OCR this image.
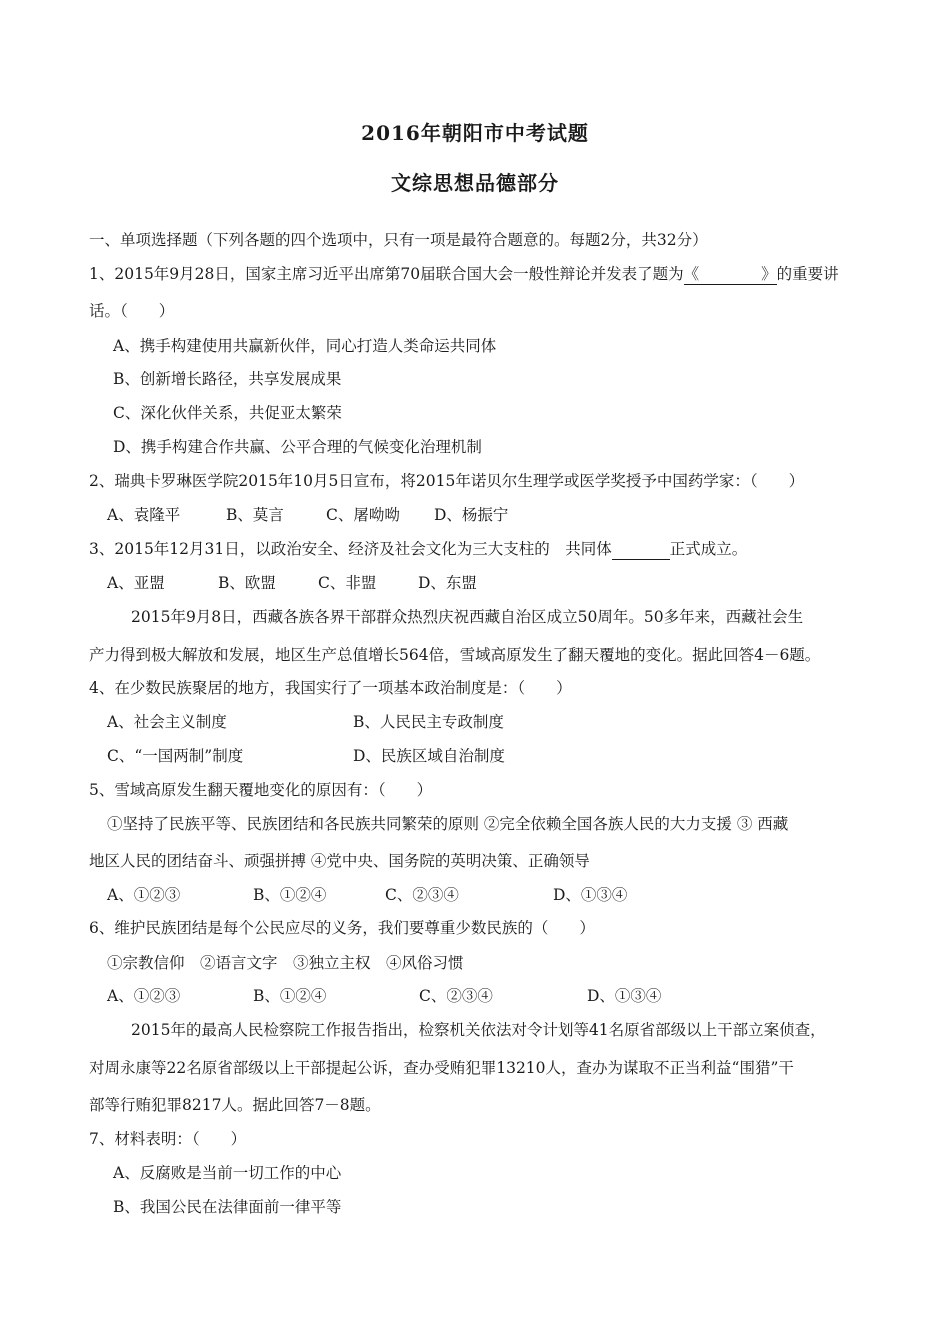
2016年朝阳市中考试题
文综思想品德部分
一、单项选择题（下列各题的四个选项中，只有一项是最符合题意的。每题2分，共32分）
1、2015年9月28日，国家主席习近平出席第70届联合国大会一般性辩论并发表了题为《	》的重要讲
话。（　　）
A、携手构建使用共赢新伙伴，同心打造人类命运共同体
B、创新增长路径，共享发展成果
C、深化伙伴关系，共促亚太繁荣
D、携手构建合作共赢、公平合理的气候变化治理机制
2、瑞典卡罗琳医学院2015年10月5日宣布，将2015年诺贝尔生理学或医学奖授予中国药学家：（　　）
A、袁隆平	B、莫言	C、屠呦呦 D、杨振宁
3、2015年12月31日，以政治安全、经济及社会文化为三大支柱的　共同体	正式成立。
A、亚盟	B、欧盟	C、非盟	D、东盟
2015年9月8日，西藏各族各界干部群众热烈庆祝西藏自治区成立50周年。50多年来，西藏社会生
产力得到极大解放和发展，地区生产总值增长564倍，雪域高原发生了翻天覆地的变化。据此回答4－6题。
4、在少数民族聚居的地方，我国实行了一项基本政治制度是：（　　）
A、社会主义制度	B、人民民主专政制度
C、“一国两制”制度	D、民族区域自治制度
5、雪域高原发生翻天覆地变化的原因有：（　　）
①坚持了民族平等、民族团结和各民族共同繁荣的原则 ②完全依赖全国各族人民的大力支援 ③ 西藏
地区人民的团结奋斗、顽强拼搏 ④党中央、国务院的英明决策、正确领导
A、①②③	B、①②④	C、②③④	D、①③④
6、维护民族团结是每个公民应尽的义务，我们要尊重少数民族的（　　）
①宗教信仰　②语言文字　③独立主权　④风俗习惯
A、①②③	B、①②④	C、②③④	D、①③④
2015年的最高人民检察院工作报告指出，检察机关依法对令计划等41名原省部级以上干部立案侦查，
对周永康等22名原省部级以上干部提起公诉，查办受贿犯罪13210人，查办为谋取不正当利益“围猎”干
部等行贿犯罪8217人。据此回答7－8题。
7、材料表明：（　　）
A、反腐败是当前一切工作的中心
B、我国公民在法律面前一律平等
